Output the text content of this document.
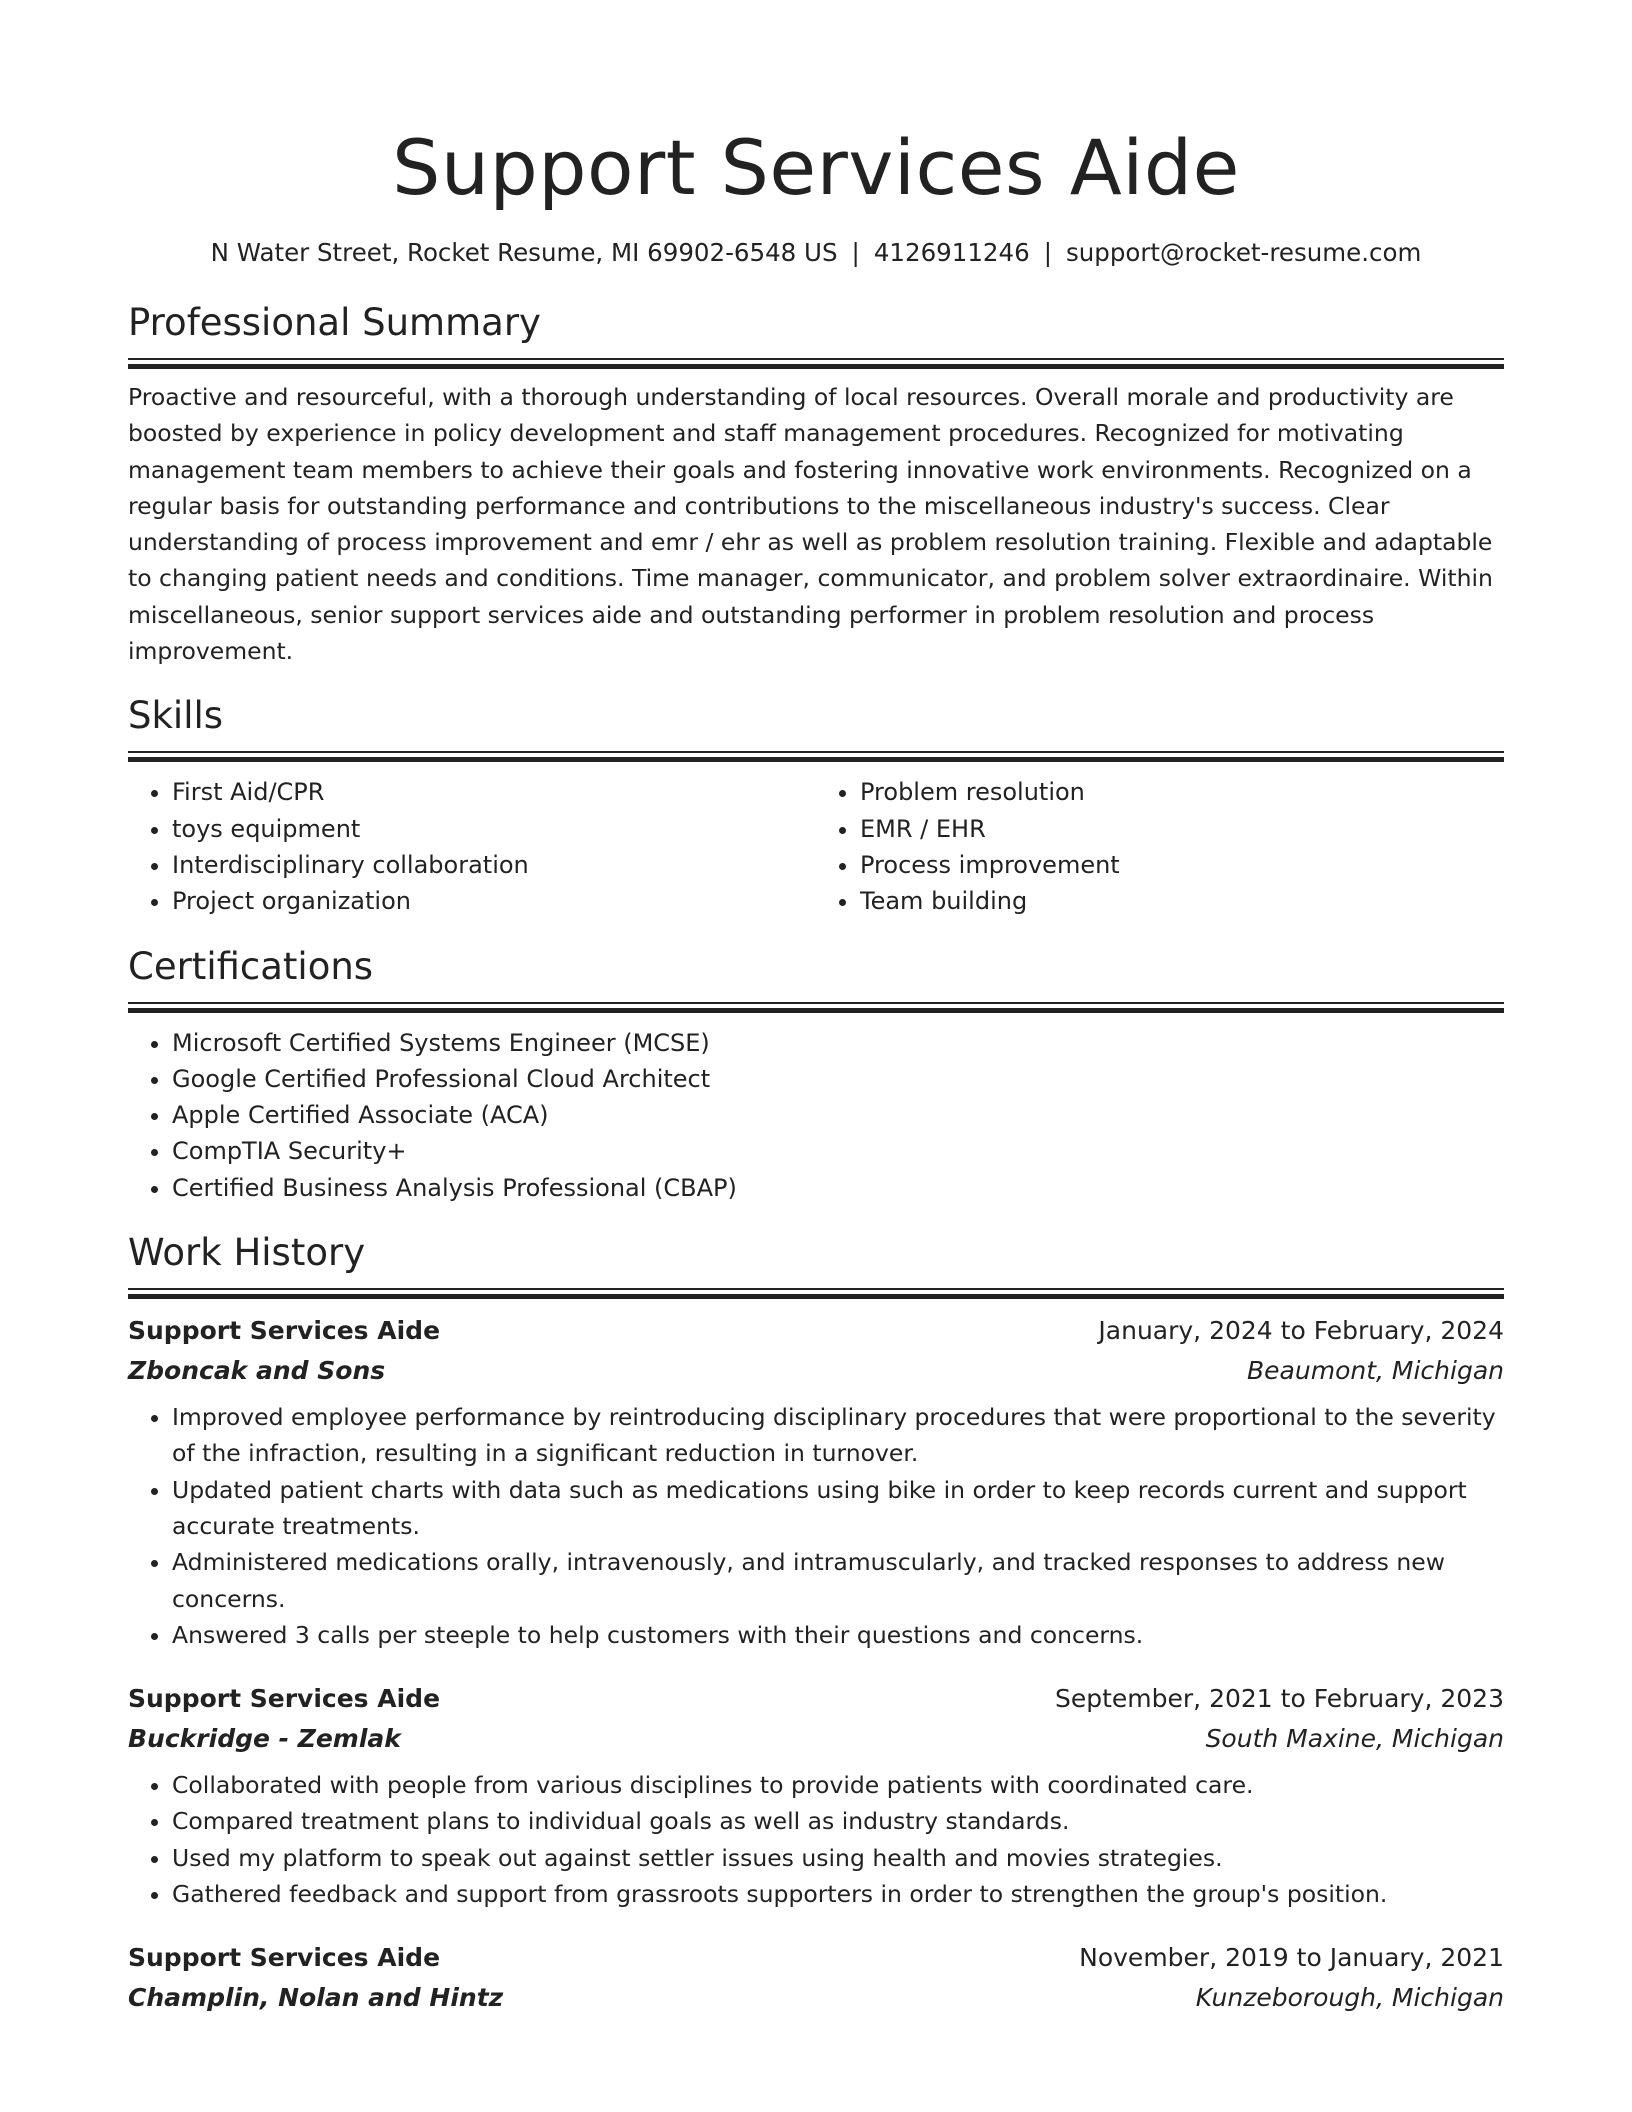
Support Services Aide
N Water Street, Rocket Resume, MI 69902-6548 US | 4126911246 | support@rocket-resume.com
Professional Summary

Proactive and resourceful, with a thorough understanding of local resources. Overall morale and productivity are boosted by experience in policy development and staff management procedures. Recognized for motivating management team members to achieve their goals and fostering innovative work environments. Recognized on a regular basis for outstanding performance and contributions to the miscellaneous industry's success. Clear understanding of process improvement and emr / ehr as well as problem resolution training. Flexible and adaptable to changing patient needs and conditions. Time manager, communicator, and problem solver extraordinaire. Within miscellaneous, senior support services aide and outstanding performer in problem resolution and process improvement.

Skills
• First Aid/CPR
• toys equipment
• Interdisciplinary collaboration
• Project organization
• Problem resolution
• EMR / EHR
• Process improvement
• Team building
Certifications
• Microsoft Certified Systems Engineer (MCSE)
• Google Certified Professional Cloud Architect
• Apple Certified Associate (ACA)
• CompTIA Security+
• Certified Business Analysis Professional (CBAP)
Work History
Support Services Aide	January, 2024 to February, 2024
Zboncak and Sons	Beaumont, Michigan
• Improved employee performance by reintroducing disciplinary procedures that were proportional to the severity of the infraction, resulting in a significant reduction in turnover.
• Updated patient charts with data such as medications using bike in order to keep records current and support accurate treatments.
• Administered medications orally, intravenously, and intramuscularly, and tracked responses to address new concerns.
• Answered 3 calls per steeple to help customers with their questions and concerns.
Support Services Aide	September, 2021 to February, 2023
Buckridge - Zemlak	South Maxine, Michigan
• Collaborated with people from various disciplines to provide patients with coordinated care.
• Compared treatment plans to individual goals as well as industry standards.
• Used my platform to speak out against settler issues using health and movies strategies.
• Gathered feedback and support from grassroots supporters in order to strengthen the group's position.
Support Services Aide	November, 2019 to January, 2021
Champlin, Nolan and Hintz	Kunzeborough, Michigan
